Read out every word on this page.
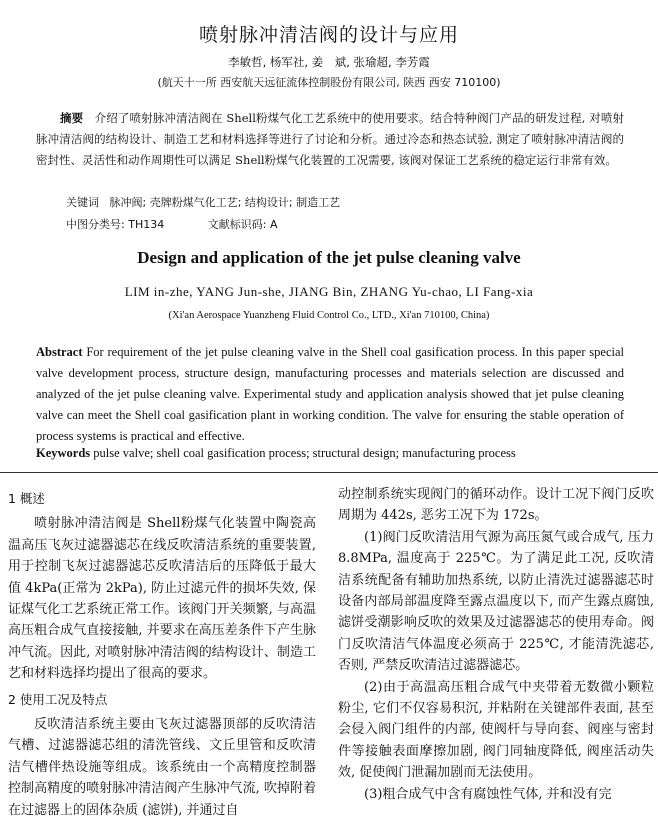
喷射脉冲清洁阀的设计与应用
李敏哲, 杨军社, 姜　斌, 张瑜超, 李芳霞
(航天十一所 西安航天远征流体控制股份有限公司, 陕西 西安 710100)
摘要 介绍了喷射脉冲清洁阀在 Shell粉煤气化工艺系统中的使用要求。结合特种阀门产品的研发过程, 对喷射脉冲清洁阀的结构设计、制造工艺和材料选择等进行了讨论和分析。通过冷态和热态试验, 测定了喷射脉冲清洁阀的密封性、灵活性和动作周期性可以满足 Shell粉煤气化装置的工况需要, 该阀对保证工艺系统的稳定运行非常有效。
关键词 脉冲阀; 壳牌粉煤气化工艺; 结构设计; 制造工艺
中图分类号: TH134	文献标识码: A
Design and application of the jet pulse cleaning valve
LIM in-zhe, YANG Jun-she, JIANG Bin, ZHANG Yu-chao, LI Fang-xia
(Xi'an Aerospace Yuanzheng Fluid Control Co., LTD., Xi'an 710100, China)
Abstract For requirement of the jet pulse cleaning valve in the Shell coal gasification process. In this paper special valve development process, structure design, manufacturing processes and materials selection are discussed and analyzed of the jet pulse cleaning valve. Experimental study and application analysis showed that jet pulse cleaning valve can meet the Shell coal gasification plant in working condition. The valve for ensuring the stable operation of process systems is practical and effective.
Keywords pulse valve; shell coal gasification process; structural design; manufacturing process
1 概述

喷射脉冲清洁阀是 Shell粉煤气化装置中陶瓷高温高压飞灰过滤器滤芯在线反吹清洁系统的重要装置, 用于控制飞灰过滤器滤芯反吹清洁后的压降低于最大值 4kPa(正常为 2kPa), 防止过滤元件的损坏失效, 保证煤气化工艺系统正常工作。该阀门开关频繁, 与高温高压粗合成气直接接触, 并要求在高压差条件下产生脉冲气流。因此, 对喷射脉冲清洁阀的结构设计、制造工艺和材料选择均提出了很高的要求。

2 使用工况及特点

反吹清洁系统主要由飞灰过滤器顶部的反吹清洁气槽、过滤器滤芯组的清洗管线、文丘里管和反吹清洁气槽伴热设施等组成。该系统由一个高精度控制器控制高精度的喷射脉冲清洁阀产生脉冲气流, 吹掉附着在过滤器上的固体杂质 (滤饼), 并通过自

动控制系统实现阀门的循环动作。设计工况下阀门反吹周期为 442s, 恶劣工况下为 172s。

(1)阀门反吹清洁用气源为高压氮气或合成气, 压力 8.8MPa, 温度高于 225℃。为了满足此工况, 反吹清洁系统配备有辅助加热系统, 以防止清洗过滤器滤芯时设备内部局部温度降至露点温度以下, 而产生露点腐蚀, 滤饼受潮影响反吹的效果及过滤器滤芯的使用寿命。阀门反吹清洁气体温度必须高于 225℃, 才能清洗滤芯, 否则, 严禁反吹清洁过滤器滤芯。

(2)由于高温高压粗合成气中夹带着无数微小颗粒粉尘, 它们不仅容易积沉, 并粘附在关键部件表面, 甚至会侵入阀门组件的内部, 使阀杆与导向套、阀座与密封件等接触表面摩擦加剧, 阀门同轴度降低, 阀座活动失效, 促使阀门泄漏加剧而无法使用。

(3)粗合成气中含有腐蚀性气体, 并和没有完
